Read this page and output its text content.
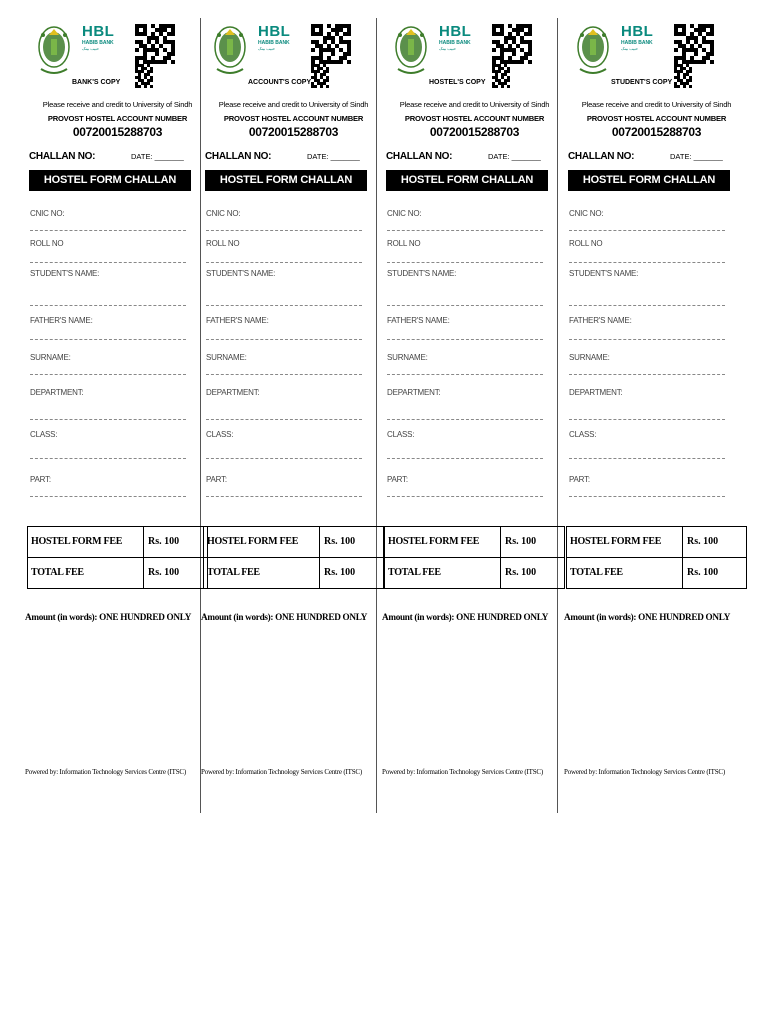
HBL
HABIB BANK
حبیب بینک
BANK'S COPY
Please receive and credit to University of Sindh
PROVOST HOSTEL ACCOUNT NUMBER
00720015288703
CHALLAN NO:	DATE: _______
HOSTEL FORM CHALLAN
CNIC NO:
ROLL NO
STUDENT'S NAME:
FATHER'S NAME:
SURNAME:
DEPARTMENT:
CLASS:
PART:
HOSTEL FORM FEE	Rs. 100
TOTAL FEE	Rs. 100
Amount (in words): ONE HUNDRED ONLY
Powered by: Information Technology Services Centre (ITSC)
HBL
HABIB BANK
حبیب بینک
ACCOUNT'S COPY
Please receive and credit to University of Sindh
PROVOST HOSTEL ACCOUNT NUMBER
00720015288703
CHALLAN NO:	DATE: _______
HOSTEL FORM CHALLAN
CNIC NO:
ROLL NO
STUDENT'S NAME:
FATHER'S NAME:
SURNAME:
DEPARTMENT:
CLASS:
PART:
HOSTEL FORM FEE	Rs. 100
TOTAL FEE	Rs. 100
Amount (in words): ONE HUNDRED ONLY
Powered by: Information Technology Services Centre (ITSC)
HBL
HABIB BANK
حبیب بینک
HOSTEL'S COPY
Please receive and credit to University of Sindh
PROVOST HOSTEL ACCOUNT NUMBER
00720015288703
CHALLAN NO:	DATE: _______
HOSTEL FORM CHALLAN
CNIC NO:
ROLL NO
STUDENT'S NAME:
FATHER'S NAME:
SURNAME:
DEPARTMENT:
CLASS:
PART:
HOSTEL FORM FEE	Rs. 100
TOTAL FEE	Rs. 100
Amount (in words): ONE HUNDRED ONLY
Powered by: Information Technology Services Centre (ITSC)
HBL
HABIB BANK
حبیب بینک
STUDENT'S COPY
Please receive and credit to University of Sindh
PROVOST HOSTEL ACCOUNT NUMBER
00720015288703
CHALLAN NO:	DATE: _______
HOSTEL FORM CHALLAN
CNIC NO:
ROLL NO
STUDENT'S NAME:
FATHER'S NAME:
SURNAME:
DEPARTMENT:
CLASS:
PART:
HOSTEL FORM FEE	Rs. 100
TOTAL FEE	Rs. 100
Amount (in words): ONE HUNDRED ONLY
Powered by: Information Technology Services Centre (ITSC)
